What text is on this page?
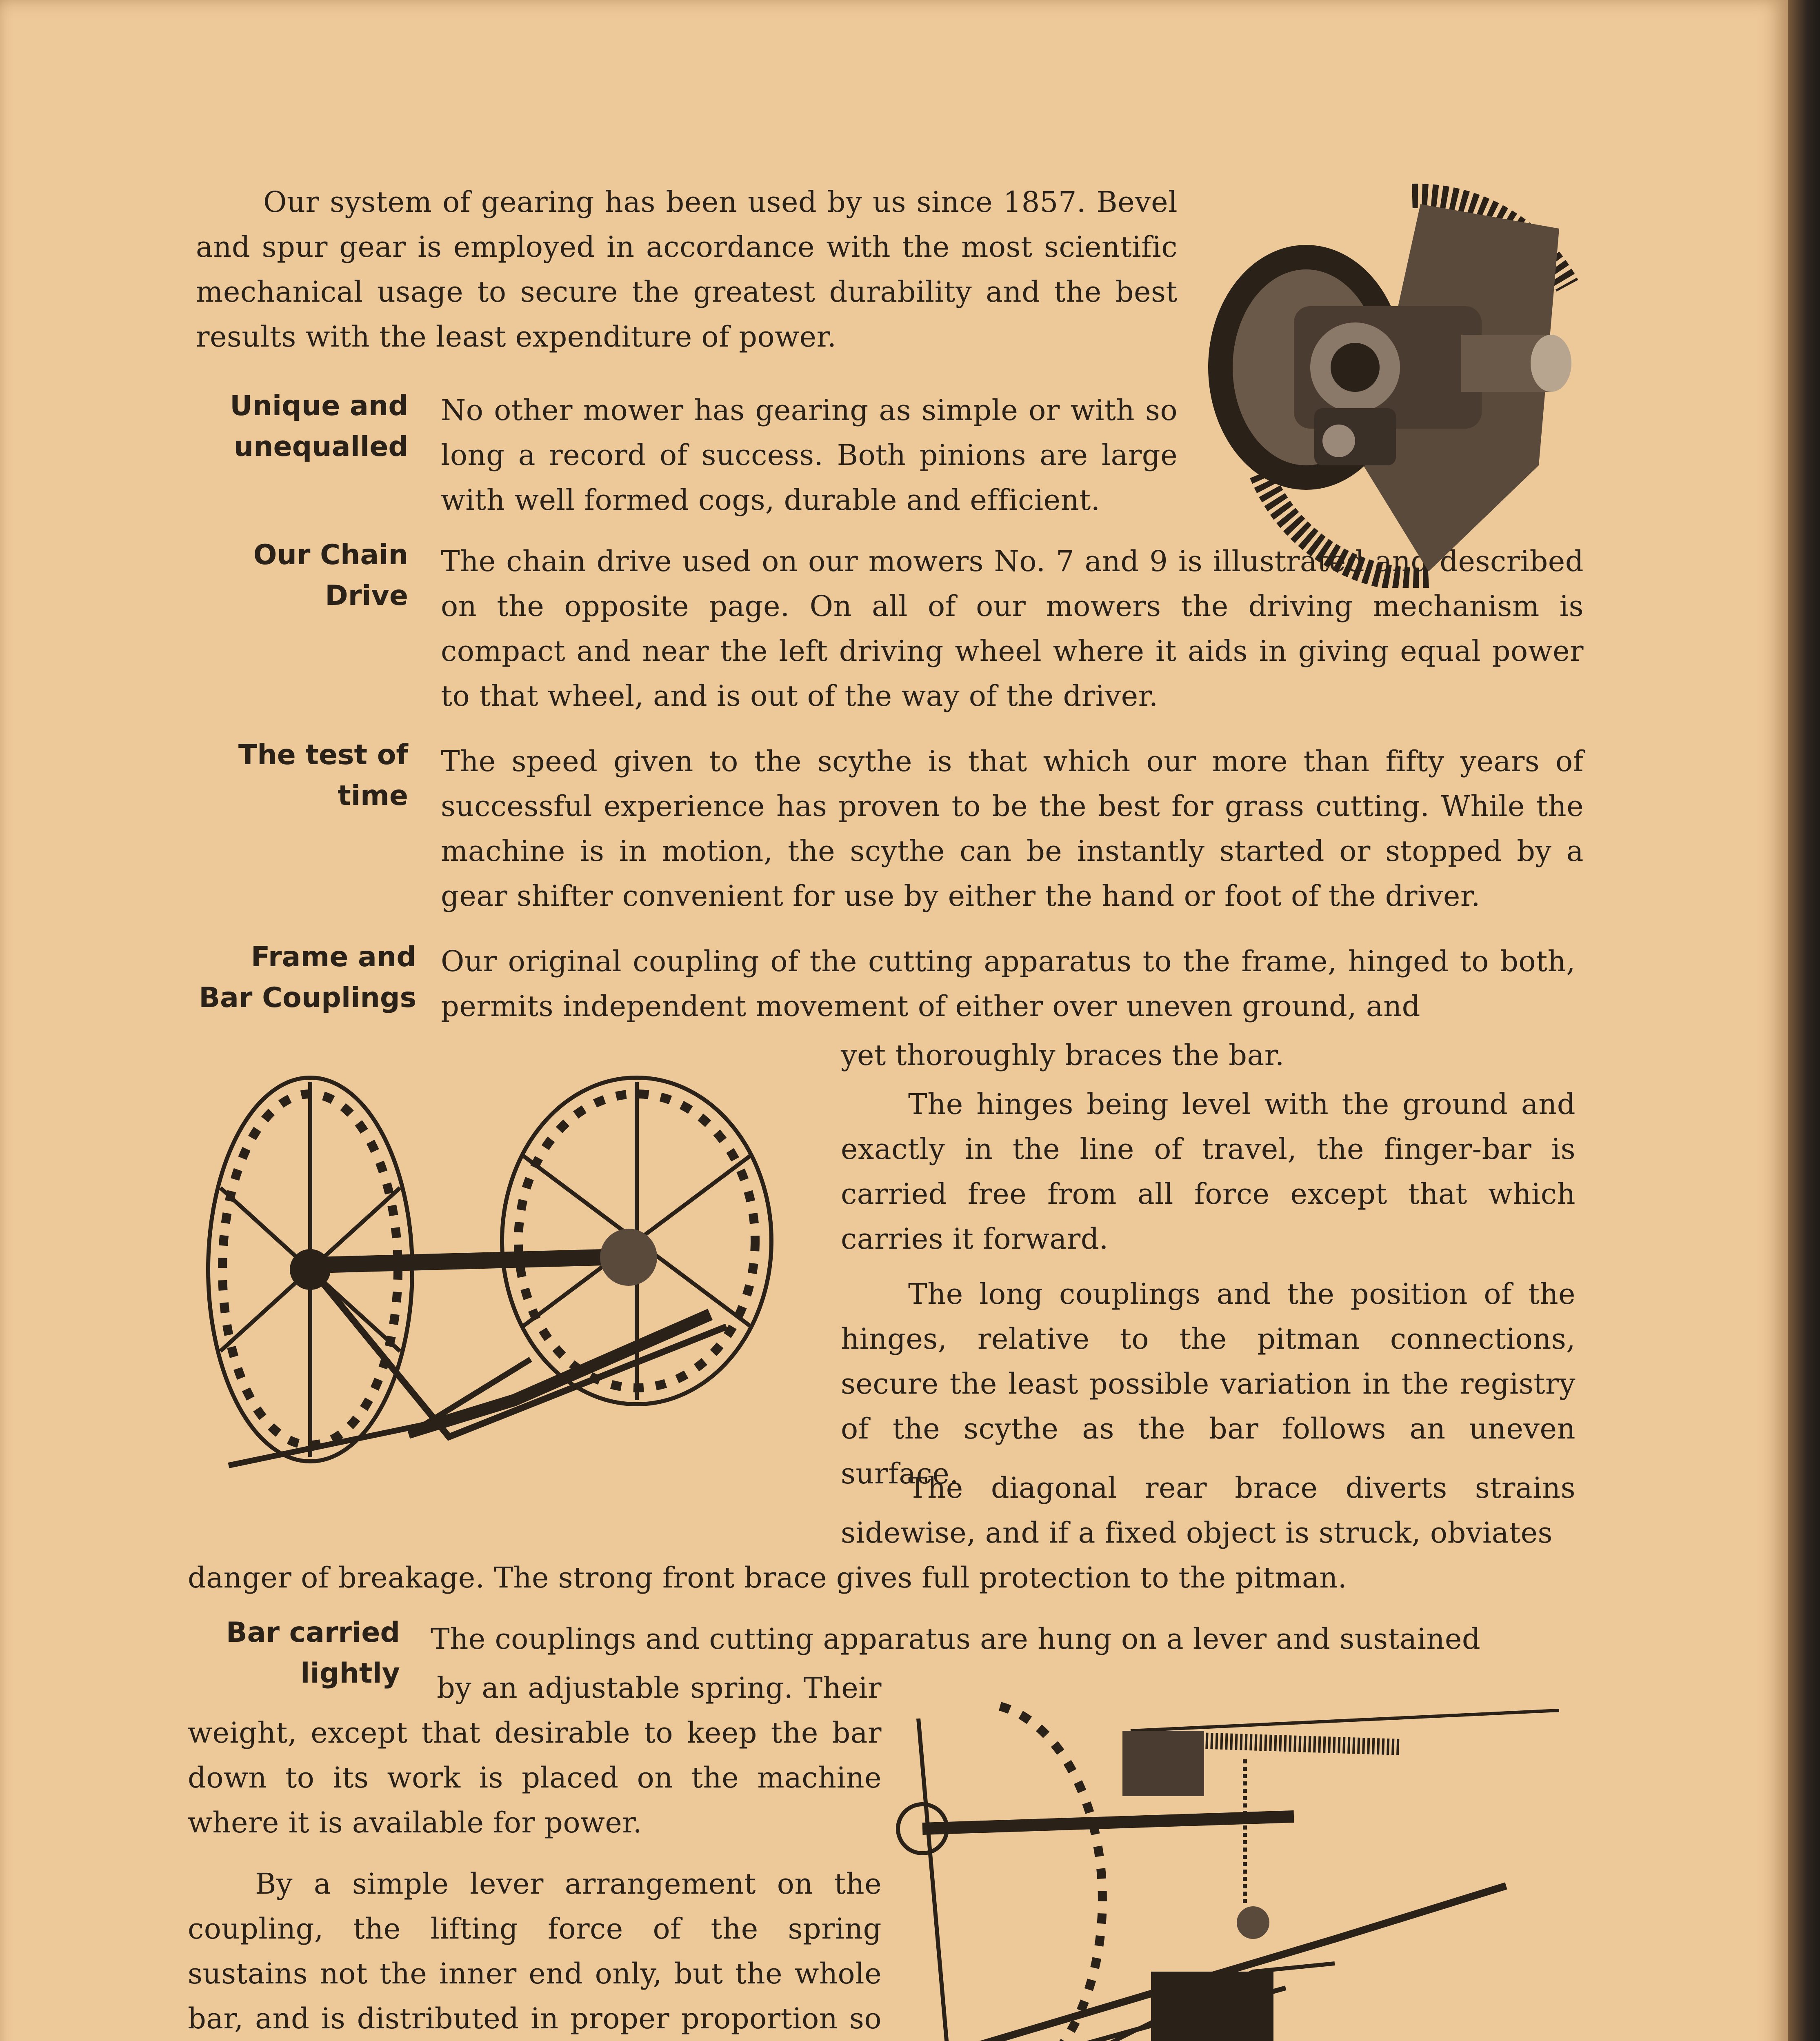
Our system of gearing has been used by us since 1857. Bevel and spur gear is employed in accordance with the most scientific mechanical usage to secure the greatest durability and the best results with the least expenditure of power.

Unique and
unequalled

No other mower has gearing as simple or with so long a record of success. Both pinions are large with well formed cogs, durable and efficient.

Our Chain
Drive

The chain drive used on our mowers No. 7 and 9 is illustrated and described on the opposite page. On all of our mowers the driving mechanism is compact and near the left driving wheel where it aids in giving equal power to that wheel, and is out of the way of the driver.

The test of
time

The speed given to the scythe is that which our more than fifty years of successful experience has proven to be the best for grass cutting. While the machine is in motion, the scythe can be instantly started or stopped by a gear shifter convenient for use by either the hand or foot of the driver.

Frame and
Bar Couplings

Our original coupling of the cutting apparatus to the frame, hinged to both, permits independent movement of either over uneven ground, and

yet thoroughly braces the bar.

The hinges being level with the ground and exactly in the line of travel, the finger-bar is carried free from all force except that which carries it forward.

The long couplings and the position of the hinges, relative to the pitman connections, secure the least possible variation in the registry of the scythe as the bar follows an uneven surface.

The diagonal rear brace diverts strains sidewise, and if a fixed object is struck, obviates

danger of breakage. The strong front brace gives full protection to the pitman.

Bar carried
lightly

The couplings and cutting apparatus are hung on a lever and sustained

by an adjustable spring. Their weight, except that desirable to keep the bar down to its work is placed on the machine where it is available for power.

By a simple lever arrangement on the coupling, the lifting force of the spring sustains not the inner end only, but the whole bar, and is distributed in proper proportion so
